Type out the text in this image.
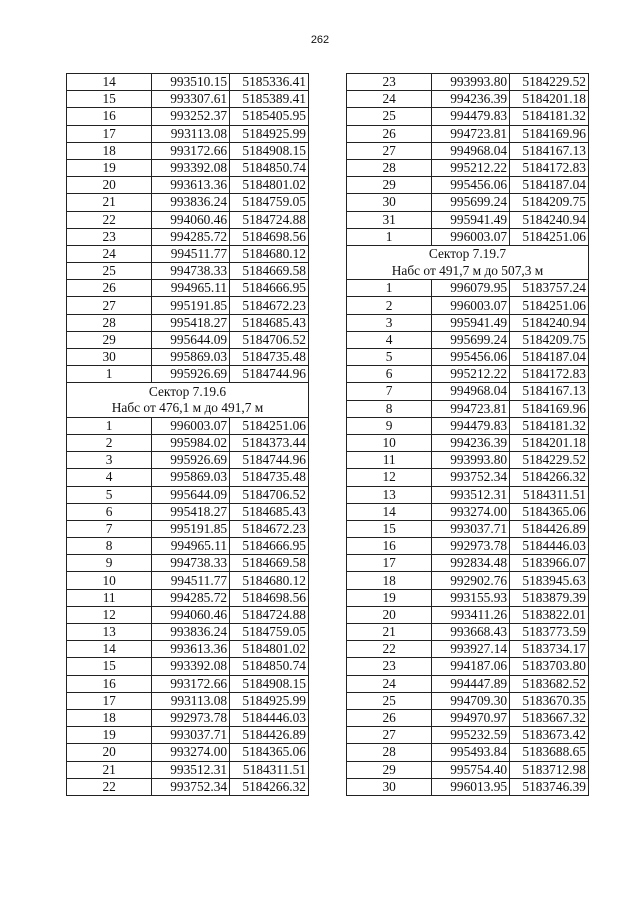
262
14	993510.15	5185336.41
15	993307.61	5185389.41
16	993252.37	5185405.95
17	993113.08	5184925.99
18	993172.66	5184908.15
19	993392.08	5184850.74
20	993613.36	5184801.02
21	993836.24	5184759.05
22	994060.46	5184724.88
23	994285.72	5184698.56
24	994511.77	5184680.12
25	994738.33	5184669.58
26	994965.11	5184666.95
27	995191.85	5184672.23
28	995418.27	5184685.43
29	995644.09	5184706.52
30	995869.03	5184735.48
1	995926.69	5184744.96
Сектор 7.19.6		
Набс от 476,1 м до 491,7 м		
1	996003.07	5184251.06
2	995984.02	5184373.44
3	995926.69	5184744.96
4	995869.03	5184735.48
5	995644.09	5184706.52
6	995418.27	5184685.43
7	995191.85	5184672.23
8	994965.11	5184666.95
9	994738.33	5184669.58
10	994511.77	5184680.12
11	994285.72	5184698.56
12	994060.46	5184724.88
13	993836.24	5184759.05
14	993613.36	5184801.02
15	993392.08	5184850.74
16	993172.66	5184908.15
17	993113.08	5184925.99
18	992973.78	5184446.03
19	993037.71	5184426.89
20	993274.00	5184365.06
21	993512.31	5184311.51
22	993752.34	5184266.32
23	993993.80	5184229.52
24	994236.39	5184201.18
25	994479.83	5184181.32
26	994723.81	5184169.96
27	994968.04	5184167.13
28	995212.22	5184172.83
29	995456.06	5184187.04
30	995699.24	5184209.75
31	995941.49	5184240.94
1	996003.07	5184251.06
Сектор 7.19.7		
Набс от 491,7 м до 507,3 м		
1	996079.95	5183757.24
2	996003.07	5184251.06
3	995941.49	5184240.94
4	995699.24	5184209.75
5	995456.06	5184187.04
6	995212.22	5184172.83
7	994968.04	5184167.13
8	994723.81	5184169.96
9	994479.83	5184181.32
10	994236.39	5184201.18
11	993993.80	5184229.52
12	993752.34	5184266.32
13	993512.31	5184311.51
14	993274.00	5184365.06
15	993037.71	5184426.89
16	992973.78	5184446.03
17	992834.48	5183966.07
18	992902.76	5183945.63
19	993155.93	5183879.39
20	993411.26	5183822.01
21	993668.43	5183773.59
22	993927.14	5183734.17
23	994187.06	5183703.80
24	994447.89	5183682.52
25	994709.30	5183670.35
26	994970.97	5183667.32
27	995232.59	5183673.42
28	995493.84	5183688.65
29	995754.40	5183712.98
30	996013.95	5183746.39
